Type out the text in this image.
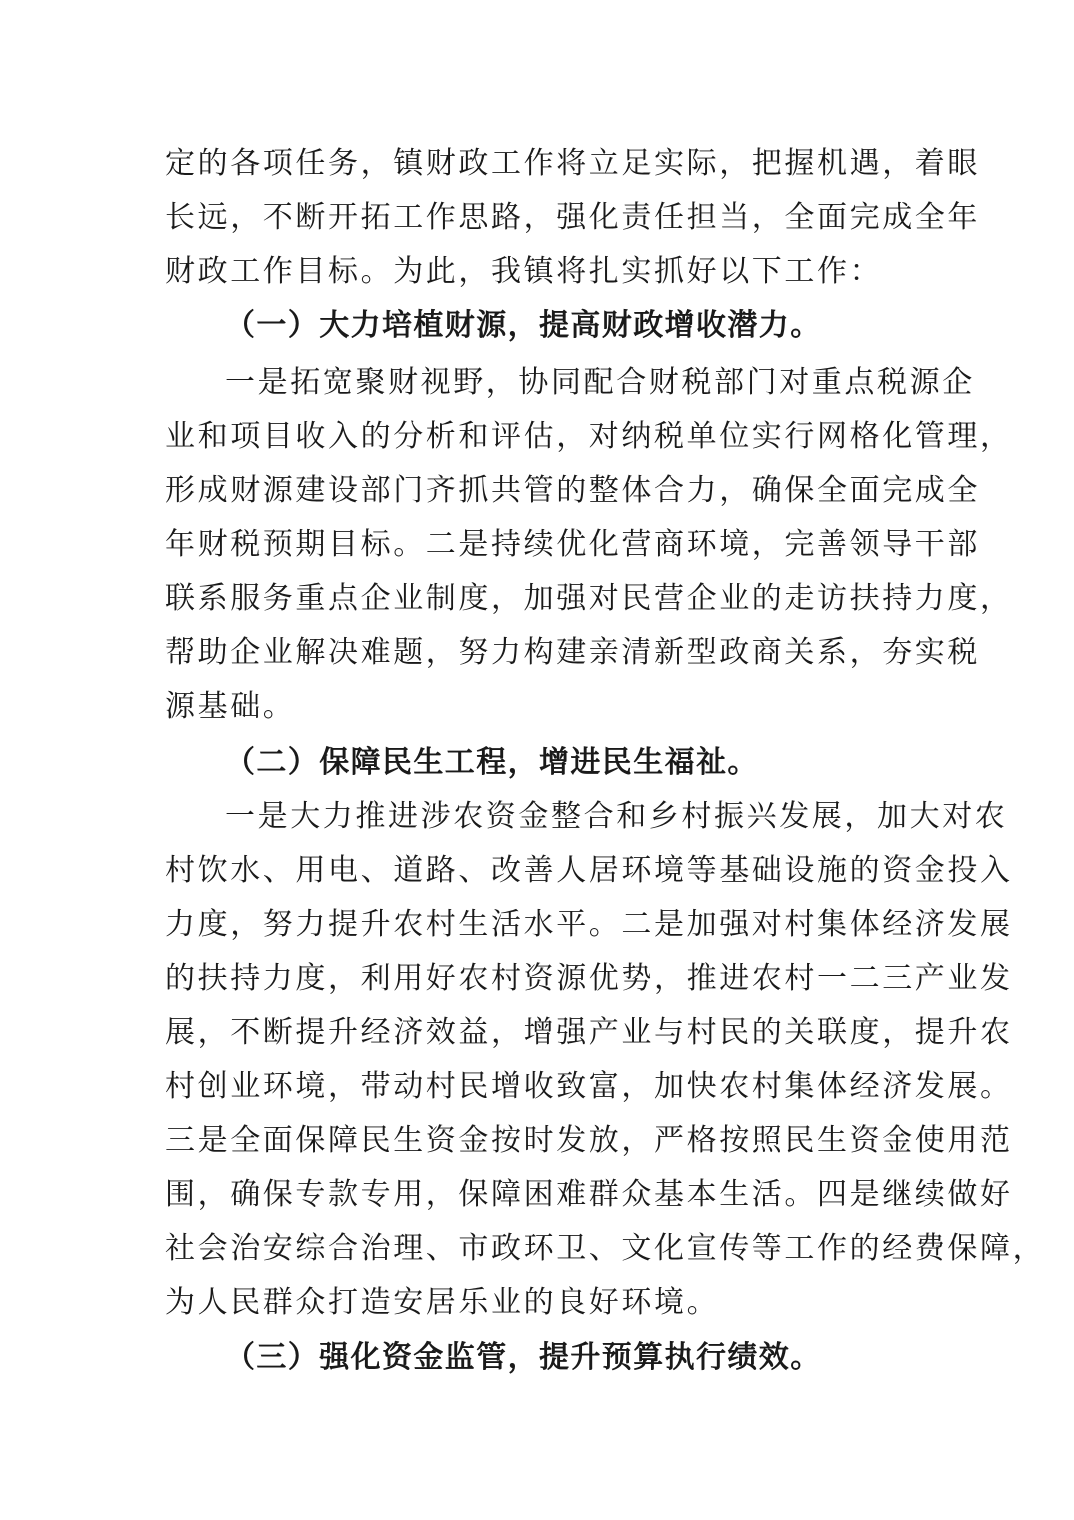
定的各项任务，镇财政工作将立足实际，把握机遇，着眼
长远，不断开拓工作思路，强化责任担当，全面完成全年
财政工作目标。为此，我镇将扎实抓好以下工作：
（一）大力培植财源，提高财政增收潜力。
一是拓宽聚财视野，协同配合财税部门对重点税源企
业和项目收入的分析和评估，对纳税单位实行网格化管理，
形成财源建设部门齐抓共管的整体合力，确保全面完成全
年财税预期目标。二是持续优化营商环境，完善领导干部
联系服务重点企业制度，加强对民营企业的走访扶持力度，
帮助企业解决难题，努力构建亲清新型政商关系，夯实税
源基础。
（二）保障民生工程，增进民生福祉。
一是大力推进涉农资金整合和乡村振兴发展，加大对农
村饮水、用电、道路、改善人居环境等基础设施的资金投入
力度，努力提升农村生活水平。二是加强对村集体经济发展
的扶持力度，利用好农村资源优势，推进农村一二三产业发
展，不断提升经济效益，增强产业与村民的关联度，提升农
村创业环境，带动村民增收致富，加快农村集体经济发展。
三是全面保障民生资金按时发放，严格按照民生资金使用范
围，确保专款专用，保障困难群众基本生活。四是继续做好
社会治安综合治理、市政环卫、文化宣传等工作的经费保障，
为人民群众打造安居乐业的良好环境。
（三）强化资金监管，提升预算执行绩效。
